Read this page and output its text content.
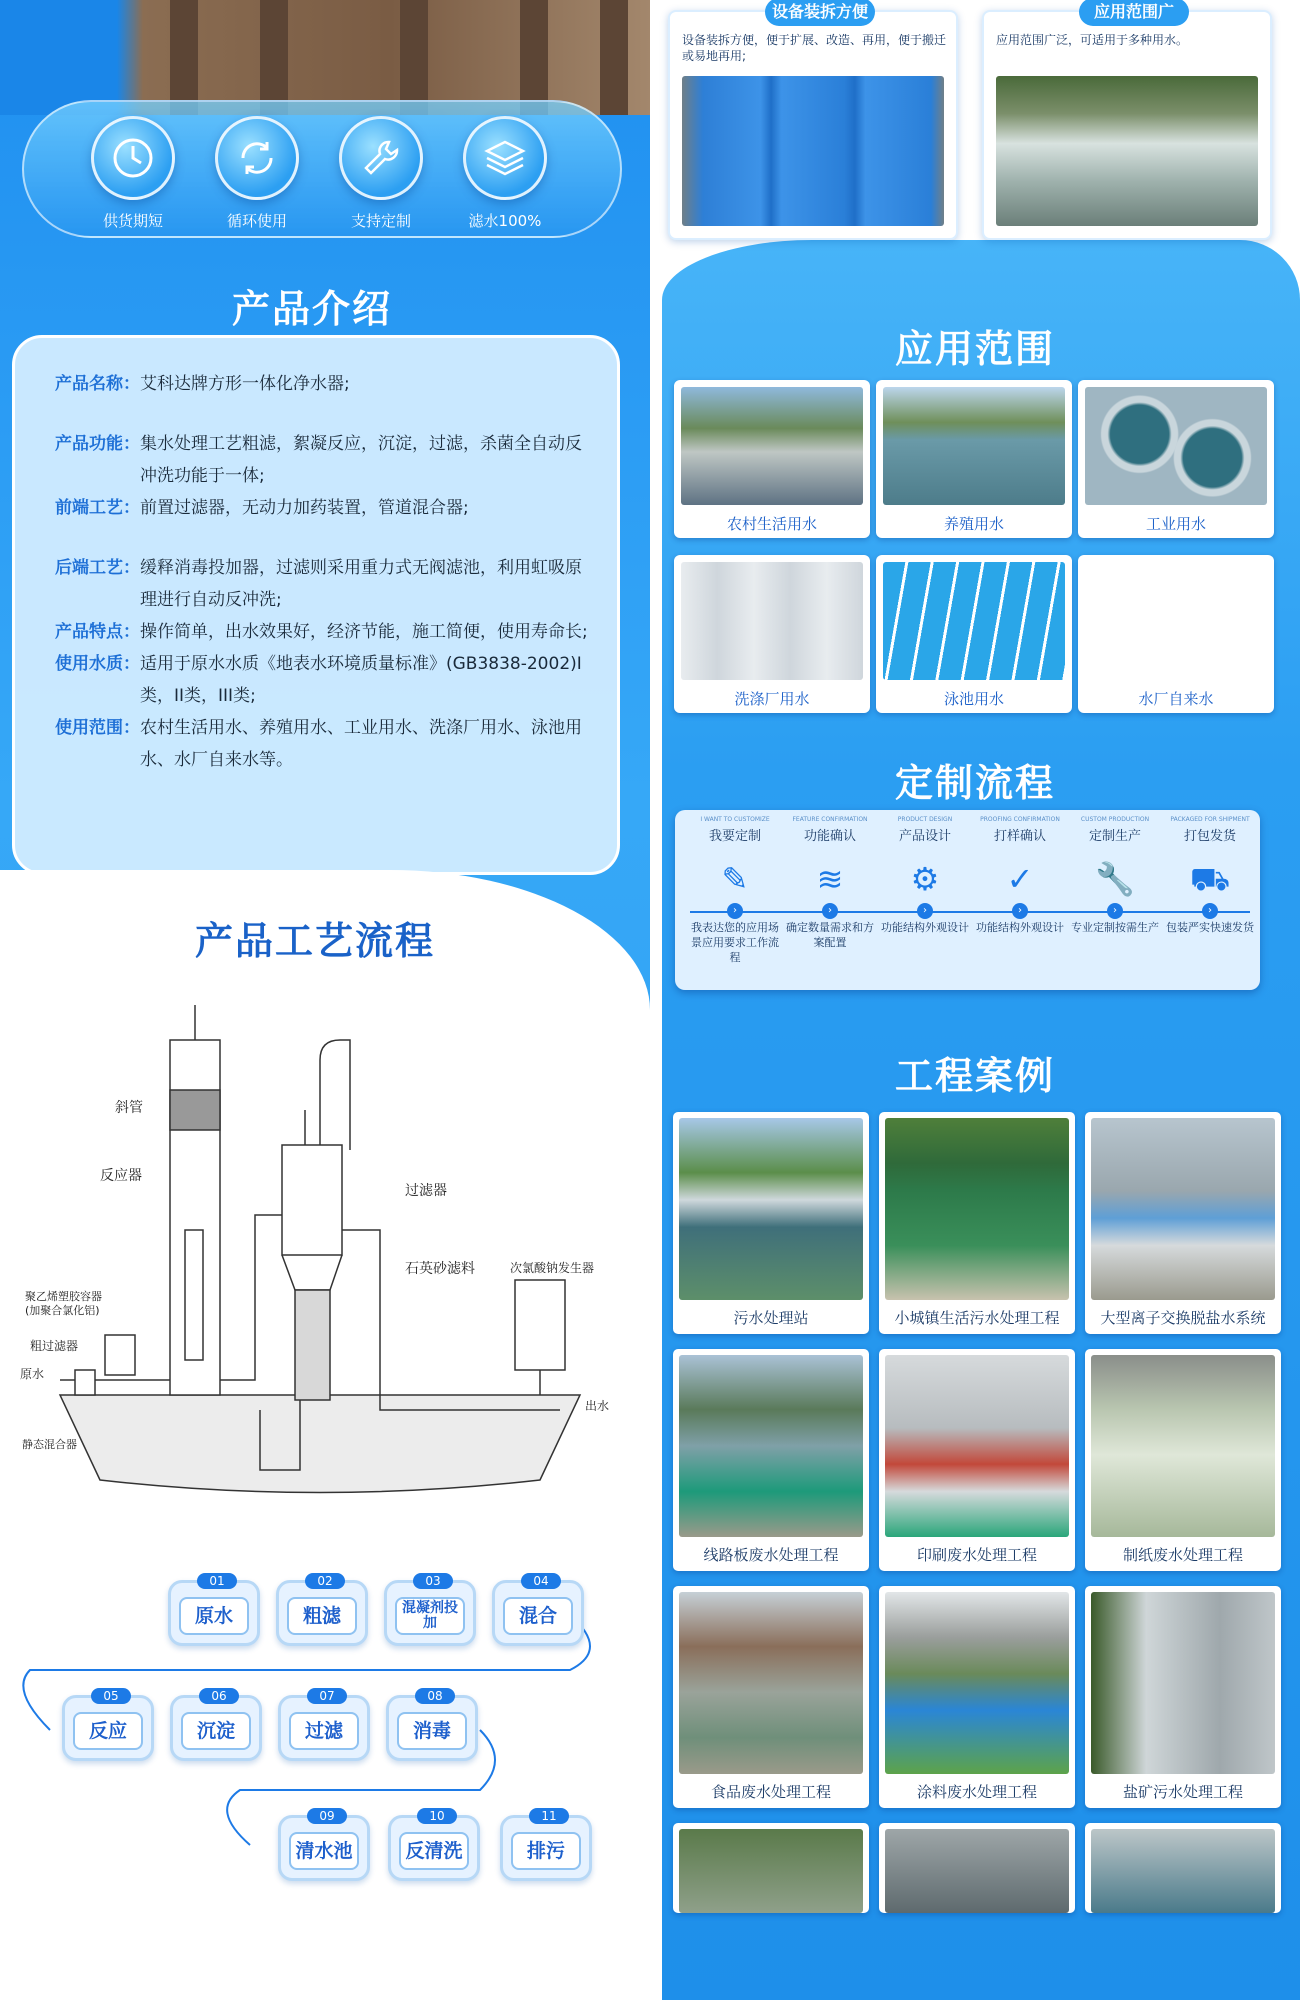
供货期短	循环使用	支持定制	滤水100%
产品介绍
产品名称： 艾科达牌方形一体化净水器;
产品功能： 集水处理工艺粗滤，絮凝反应，沉淀，过滤，杀菌全自动反冲洗功能于一体;
前端工艺： 前置过滤器，无动力加药装置，管道混合器;
后端工艺： 缓释消毒投加器，过滤则采用重力式无阀滤池，利用虹吸原理进行自动反冲洗;
产品特点： 操作简单，出水效果好，经济节能，施工简便，使用寿命长;
使用水质： 适用于原水水质《地表水环境质量标准》(GB3838-2002)I类，II类，III类;
使用范围： 农村生活用水、养殖用水、工业用水、洗涤厂用水、泳池用水、水厂自来水等。
产品工艺流程
斜管
反应器
过滤器
石英砂滤料	次氯酸钠发生器
聚乙烯塑胶容器
(加聚合氯化铝)
粗过滤器
原水
出水
静态混合器
01
原水
02
粗滤
03
混凝剂投加
04
混合
05
反应
06
沉淀
07
过滤
08
消毒
09
清水池
10
反清洗
11
排污
设备装拆方便
设备装拆方便，便于扩展、改造、再用，便于搬迁或易地再用;
应用范围广
应用范围广泛，可适用于多种用水。
应用范围
农村生活用水	养殖用水	工业用水
洗涤厂用水	泳池用水	水厂自来水
定制流程
I WANT TO CUSTOMIZE
我要定制
✎
我表达您的应用场景应用要求工作流程
FEATURE CONFIRMATION
功能确认
≋
确定数量需求和方案配置
PRODUCT DESIGN
产品设计
⚙
功能结构外观设计
PROOFING CONFIRMATION
打样确认
✓
功能结构外观设计
CUSTOM PRODUCTION
定制生产
🔧
专业定制按需生产
PACKAGED FOR SHIPMENT
打包发货
⛟
包装严实快速发货
›	›	›	›	›	›
工程案例
污水处理站	小城镇生活污水处理工程	大型离子交换脱盐水系统
线路板废水处理工程	印刷废水处理工程	制纸废水处理工程
食品废水处理工程	涂料废水处理工程	盐矿污水处理工程
